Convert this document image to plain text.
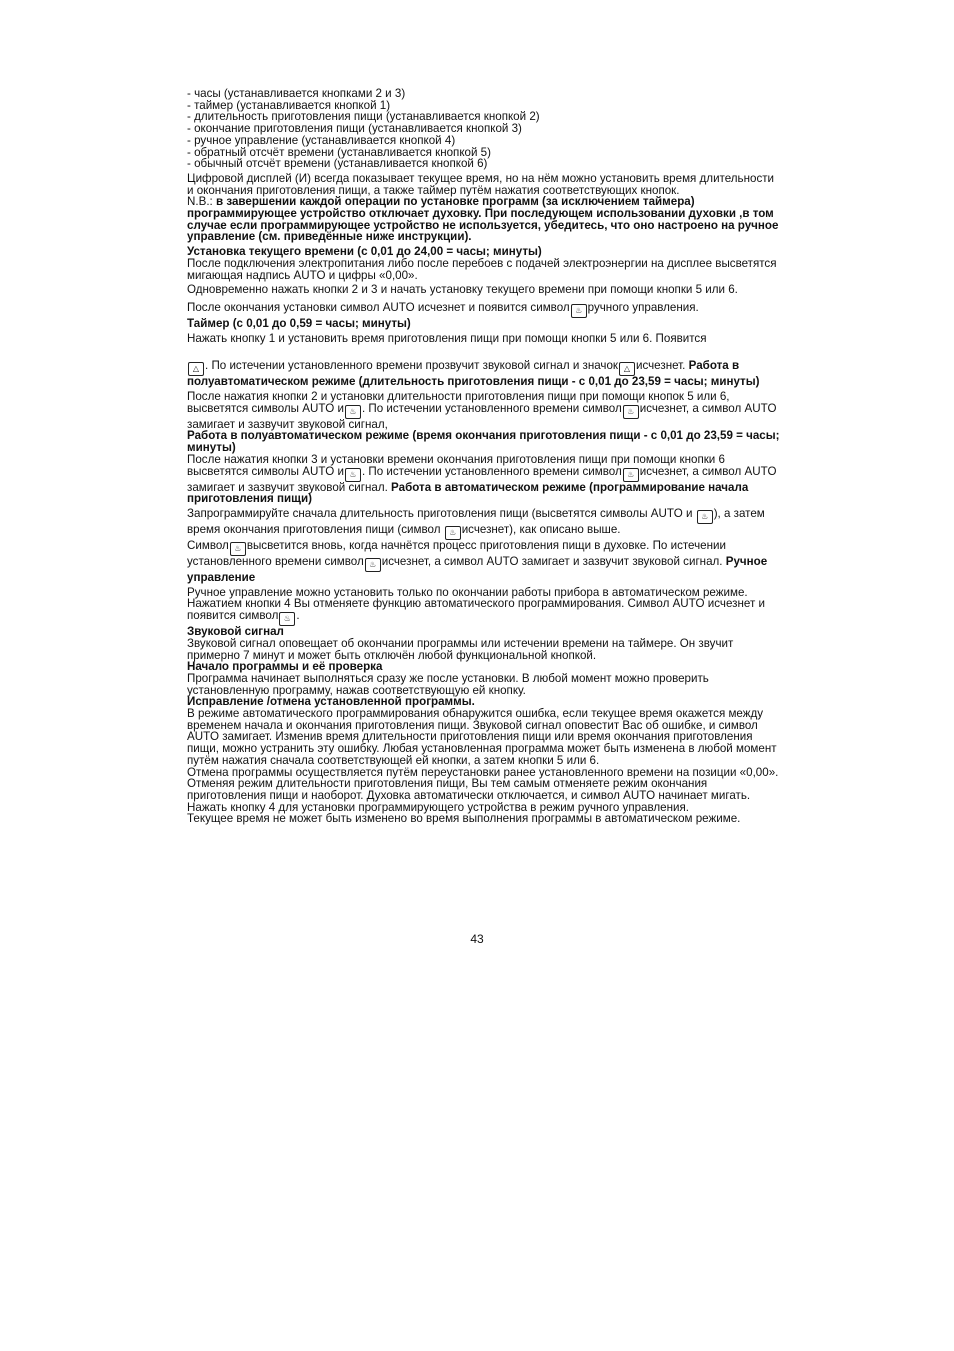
- часы (устанавливается кнопками 2 и 3)
- таймер (устанавливается кнопкой 1)
- длительность приготовления пищи (устанавливается кнопкой 2)
- окончание приготовления пищи (устанавливается кнопкой 3)
- ручное управление (устанавливается кнопкой 4)
- обратный отсчёт времени (устанавливается кнопкой 5)
- обычный отсчёт времени (устанавливается кнопкой 6)

Цифровой дисплей (И) всегда показывает текущее время, но на нём можно установить время длительности и окончания приготовления пищи, а также таймер путём нажатия соответствующих кнопок.

N.B.: в завершении каждой операции по установке программ (за исключением таймера) программирующее устройство отключает духовку. При последующем использовании духовки ,в том случае если программирующее устройство не используется, убедитесь, что оно настроено на ручное управление (см. приведённые ниже инструкции).

Установка текущего времени (с 0,01 до 24,00 = часы; минуты)

После подключения электропитания либо после перебоев с подачей электроэнергии на дисплее высветятся мигающая надпись AUTO и цифры «0,00».

Одновременно нажать кнопки 2 и 3 и начать установку текущего времени при помощи кнопки 5 или 6.

После окончания установки символ AUTO исчезнет и появится символ ♨ ручного управления.

Таймер (с 0,01 до 0,59 = часы; минуты)

Нажать кнопку 1 и установить время приготовления пищи при помощи кнопки 5 или 6. Появится

△ . По истечении установленного времени прозвучит звуковой сигнал и значок △ исчезнет. Работа в полуавтоматическом режиме (длительность приготовления пищи - с 0,01 до 23,59 = часы; минуты)

После нажатия кнопки 2 и установки длительности приготовления пищи при помощи кнопок 5 или 6, высветятся символы AUTO и ♨ . По истечении установленного времени символ ♨ исчезнет, а символ AUTO замигает и зазвучит звуковой сигнал,

Работа в полуавтоматическом режиме (время окончания приготовления пищи - с 0,01 до 23,59 = часы; минуты)

После нажатия кнопки 3 и установки времени окончания приготовления пищи при помощи кнопки 6 высветятся символы AUTO и ♨ . По истечении установленного времени символ ♨ исчезнет, а символ AUTO замигает и зазвучит звуковой сигнал. Работа в автоматическом режиме (программирование начала приготовления пищи)

Запрограммируйте сначала длительность приготовления пищи (высветятся символы AUTO и ♨ ), а затем время окончания приготовления пищи (символ ♨ исчезнет), как описано выше.

Символ ♨ высветится вновь, когда начнётся процесс приготовления пищи в духовке. По истечении установленного времени символ ♨ исчезнет, а символ AUTO замигает и зазвучит звуковой сигнал. Ручное управление

Ручное управление можно установить только по окончании работы прибора в автоматическом режиме.

Нажатием кнопки 4 Вы отменяете функцию автоматического программирования. Символ AUTO исчезнет и появится символ ♨ .

Звуковой сигнал

Звуковой сигнал оповещает об окончании программы или истечении времени на таймере. Он звучит примерно 7 минут и может быть отключён любой функциональной кнопкой.

Начало программы и её проверка

Программа начинает выполняться сразу же после установки. В любой момент можно проверить установленную программу, нажав соответствующую ей кнопку.

Исправление /отмена установленной программы.

В режиме автоматического программирования обнаружится ошибка, если текущее время окажется между временем начала и окончания приготовления пищи. Звуковой сигнал оповестит Вас об ошибке, и символ AUTO замигает. Изменив время длительности приготовления пищи или время окончания приготовления пищи, можно устранить эту ошибку. Любая установленная программа может быть изменена в любой момент путём нажатия сначала соответствующей ей кнопки, а затем кнопки 5 или 6.

Отмена программы осуществляется путём переустановки ранее установленного времени на позиции «0,00». Отменяя режим длительности приготовления пищи, Вы тем самым отменяете режим окончания

приготовления пищи и наоборот. Духовка автоматически отключается, и символ AUTO начинает мигать.

Нажать кнопку 4 для установки программирующего устройства в режим ручного управления.

Текущее время не может быть изменено во время выполнения программы в автоматическом режиме.

43
